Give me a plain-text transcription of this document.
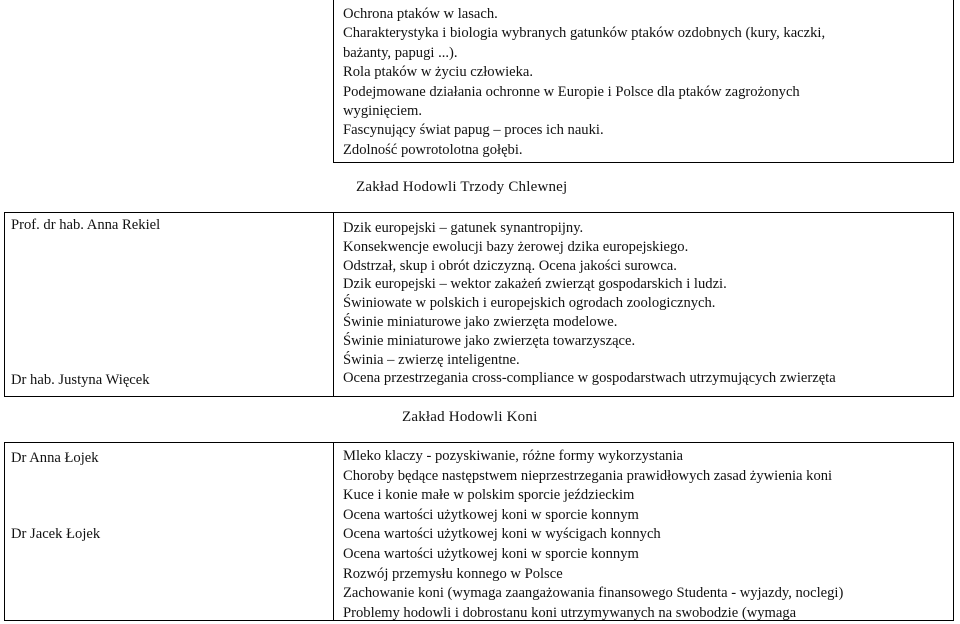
Ochrona ptaków w lasach.
Charakterystyka i biologia wybranych gatunków ptaków ozdobnych (kury, kaczki,
bażanty, papugi ...).
Rola ptaków w życiu człowieka.
Podejmowane działania ochronne w Europie i Polsce dla ptaków zagrożonych
wyginięciem.
Fascynujący świat papug – proces ich nauki.
Zdolność powrotolotna gołębi.
Zakład Hodowli Trzody Chlewnej
Prof. dr hab. Anna Rekiel
Dr hab. Justyna Więcek
Dzik europejski – gatunek synantropijny.
Konsekwencje ewolucji bazy żerowej dzika europejskiego.
Odstrzał, skup i obrót dziczyzną. Ocena jakości surowca.
Dzik europejski – wektor zakażeń zwierząt gospodarskich i ludzi.
Świniowate w polskich i europejskich ogrodach zoologicznych.
Świnie miniaturowe jako zwierzęta modelowe.
Świnie miniaturowe jako zwierzęta towarzyszące.
Świnia – zwierzę inteligentne.
Ocena przestrzegania cross-compliance w gospodarstwach utrzymujących zwierzęta
Zakład Hodowli Koni
Dr Anna Łojek
Dr Jacek Łojek
Mleko klaczy - pozyskiwanie, różne formy wykorzystania
Choroby będące następstwem nieprzestrzegania prawidłowych zasad żywienia koni
Kuce i konie małe w polskim sporcie jeździeckim
Ocena wartości użytkowej koni w sporcie konnym
Ocena wartości użytkowej koni w wyścigach konnych
Ocena wartości użytkowej koni w sporcie konnym
Rozwój przemysłu konnego w Polsce
Zachowanie koni (wymaga zaangażowania finansowego Studenta - wyjazdy, noclegi)
Problemy hodowli i dobrostanu koni utrzymywanych na swobodzie (wymaga
